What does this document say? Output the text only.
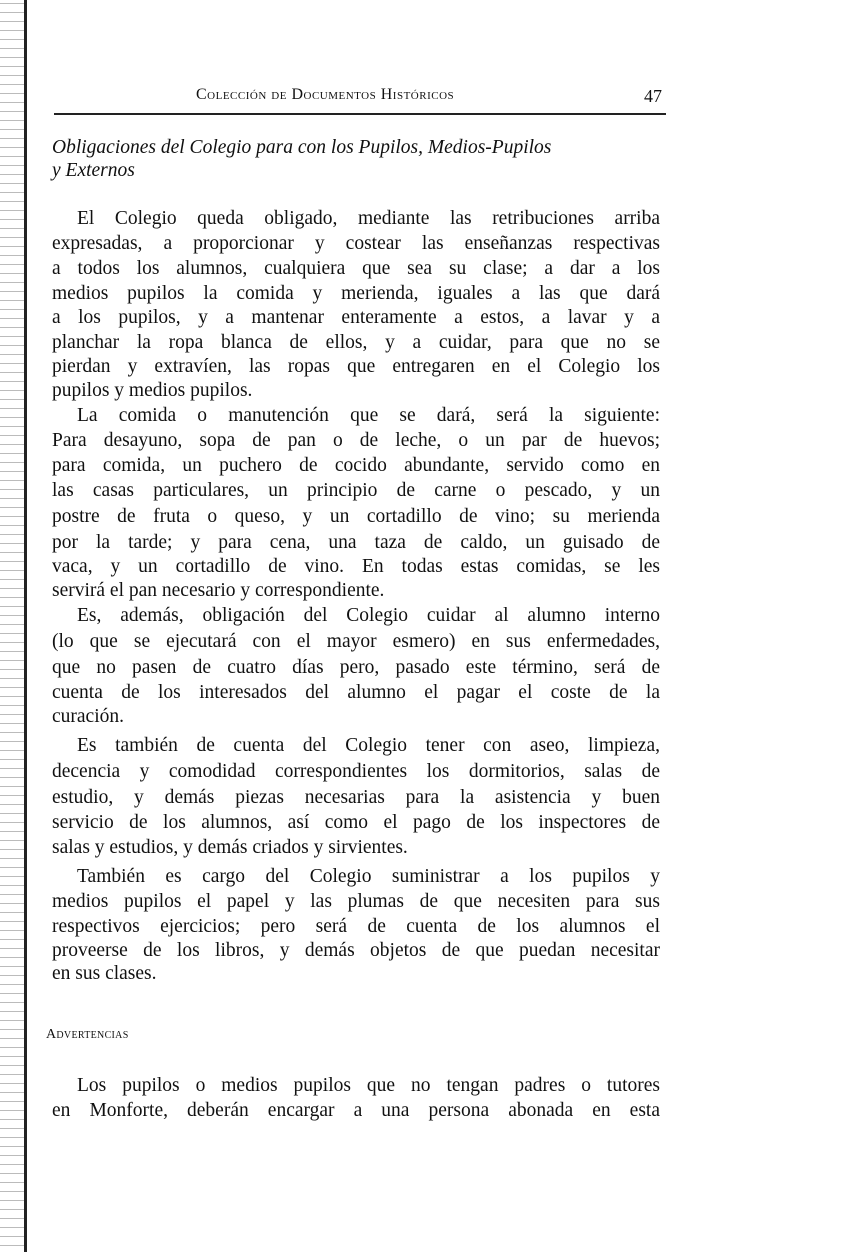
Colección de Documentos Históricos	47
Obligaciones del Colegio para con los Pupilos, Medios-Pupilos
y Externos
El Colegio queda obligado, mediante las retribuciones arriba
expresadas, a proporcionar y costear las enseñanzas respectivas
a todos los alumnos, cualquiera que sea su clase; a dar a los
medios pupilos la comida y merienda, iguales a las que dará
a los pupilos, y a mantenar enteramente a estos, a lavar y a
planchar la ropa blanca de ellos, y a cuidar, para que no se
pierdan y extravíen, las ropas que entregaren en el Colegio los
pupilos y medios pupilos.
La comida o manutención que se dará, será la siguiente:
Para desayuno, sopa de pan o de leche, o un par de huevos;
para comida, un puchero de cocido abundante, servido como en
las casas particulares, un principio de carne o pescado, y un
postre de fruta o queso, y un cortadillo de vino; su merienda
por la tarde; y para cena, una taza de caldo, un guisado de
vaca, y un cortadillo de vino. En todas estas comidas, se les
servirá el pan necesario y correspondiente.
Es, además, obligación del Colegio cuidar al alumno interno
(lo que se ejecutará con el mayor esmero) en sus enfermedades,
que no pasen de cuatro días pero, pasado este término, será de
cuenta de los interesados del alumno el pagar el coste de la
curación.
Es también de cuenta del Colegio tener con aseo, limpieza,
decencia y comodidad correspondientes los dormitorios, salas de
estudio, y demás piezas necesarias para la asistencia y buen
servicio de los alumnos, así como el pago de los inspectores de
salas y estudios, y demás criados y sirvientes.
También es cargo del Colegio suministrar a los pupilos y
medios pupilos el papel y las plumas de que necesiten para sus
respectivos ejercicios; pero será de cuenta de los alumnos el
proveerse de los libros, y demás objetos de que puedan necesitar
en sus clases.
Advertencias
Los pupilos o medios pupilos que no tengan padres o tutores
en Monforte, deberán encargar a una persona abonada en esta
